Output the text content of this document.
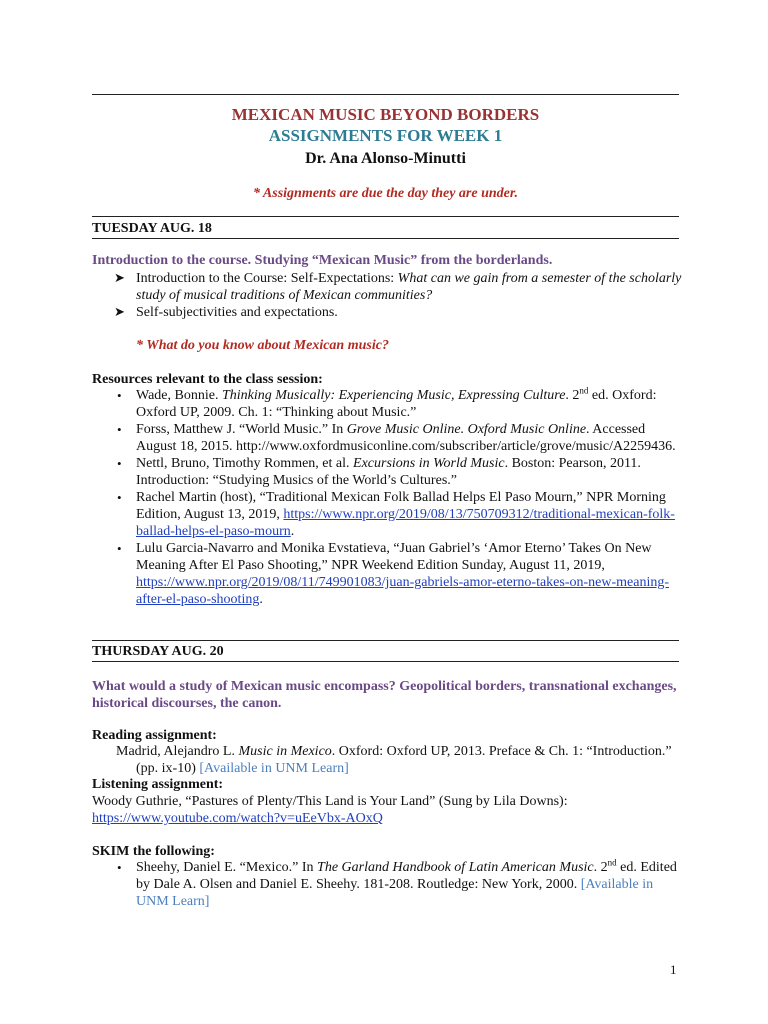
MEXICAN MUSIC BEYOND BORDERS
ASSIGNMENTS FOR WEEK 1
Dr. Ana Alonso-Minutti
* Assignments are due the day they are under.
TUESDAY AUG. 18
Introduction to the course. Studying “Mexican Music” from the borderlands.
➤ Introduction to the Course: Self-Expectations: What can we gain from a semester of the scholarly
study of musical traditions of Mexican communities?
➤ Self-subjectivities and expectations.
* What do you know about Mexican music?
Resources relevant to the class session:
• Wade, Bonnie. Thinking Musically: Experiencing Music, Expressing Culture. 2nd ed. Oxford:
Oxford UP, 2009. Ch. 1: “Thinking about Music.”
• Forss, Matthew J. “World Music.” In Grove Music Online. Oxford Music Online. Accessed
August 18, 2015. http://www.oxfordmusiconline.com/subscriber/article/grove/music/A2259436.
• Nettl, Bruno, Timothy Rommen, et al. Excursions in World Music. Boston: Pearson, 2011.
Introduction: “Studying Musics of the World’s Cultures.”
• Rachel Martin (host), “Traditional Mexican Folk Ballad Helps El Paso Mourn,” NPR Morning
Edition, August 13, 2019, https://www.npr.org/2019/08/13/750709312/traditional-mexican-folk-
ballad-helps-el-paso-mourn.
• Lulu Garcia-Navarro and Monika Evstatieva, “Juan Gabriel’s ‘Amor Eterno’ Takes On New
Meaning After El Paso Shooting,” NPR Weekend Edition Sunday, August 11, 2019,
https://www.npr.org/2019/08/11/749901083/juan-gabriels-amor-eterno-takes-on-new-meaning-
after-el-paso-shooting.
THURSDAY AUG. 20
What would a study of Mexican music encompass? Geopolitical borders, transnational exchanges,
historical discourses, the canon.
Reading assignment:
Madrid, Alejandro L. Music in Mexico. Oxford: Oxford UP, 2013. Preface & Ch. 1: “Introduction.”
(pp. ix-10) [Available in UNM Learn]
Listening assignment:
Woody Guthrie, “Pastures of Plenty/This Land is Your Land” (Sung by Lila Downs):
https://www.youtube.com/watch?v=uEeVbx-AOxQ
SKIM the following:
• Sheehy, Daniel E. “Mexico.” In The Garland Handbook of Latin American Music. 2nd ed. Edited
by Dale A. Olsen and Daniel E. Sheehy. 181-208. Routledge: New York, 2000. [Available in
UNM Learn]
1
